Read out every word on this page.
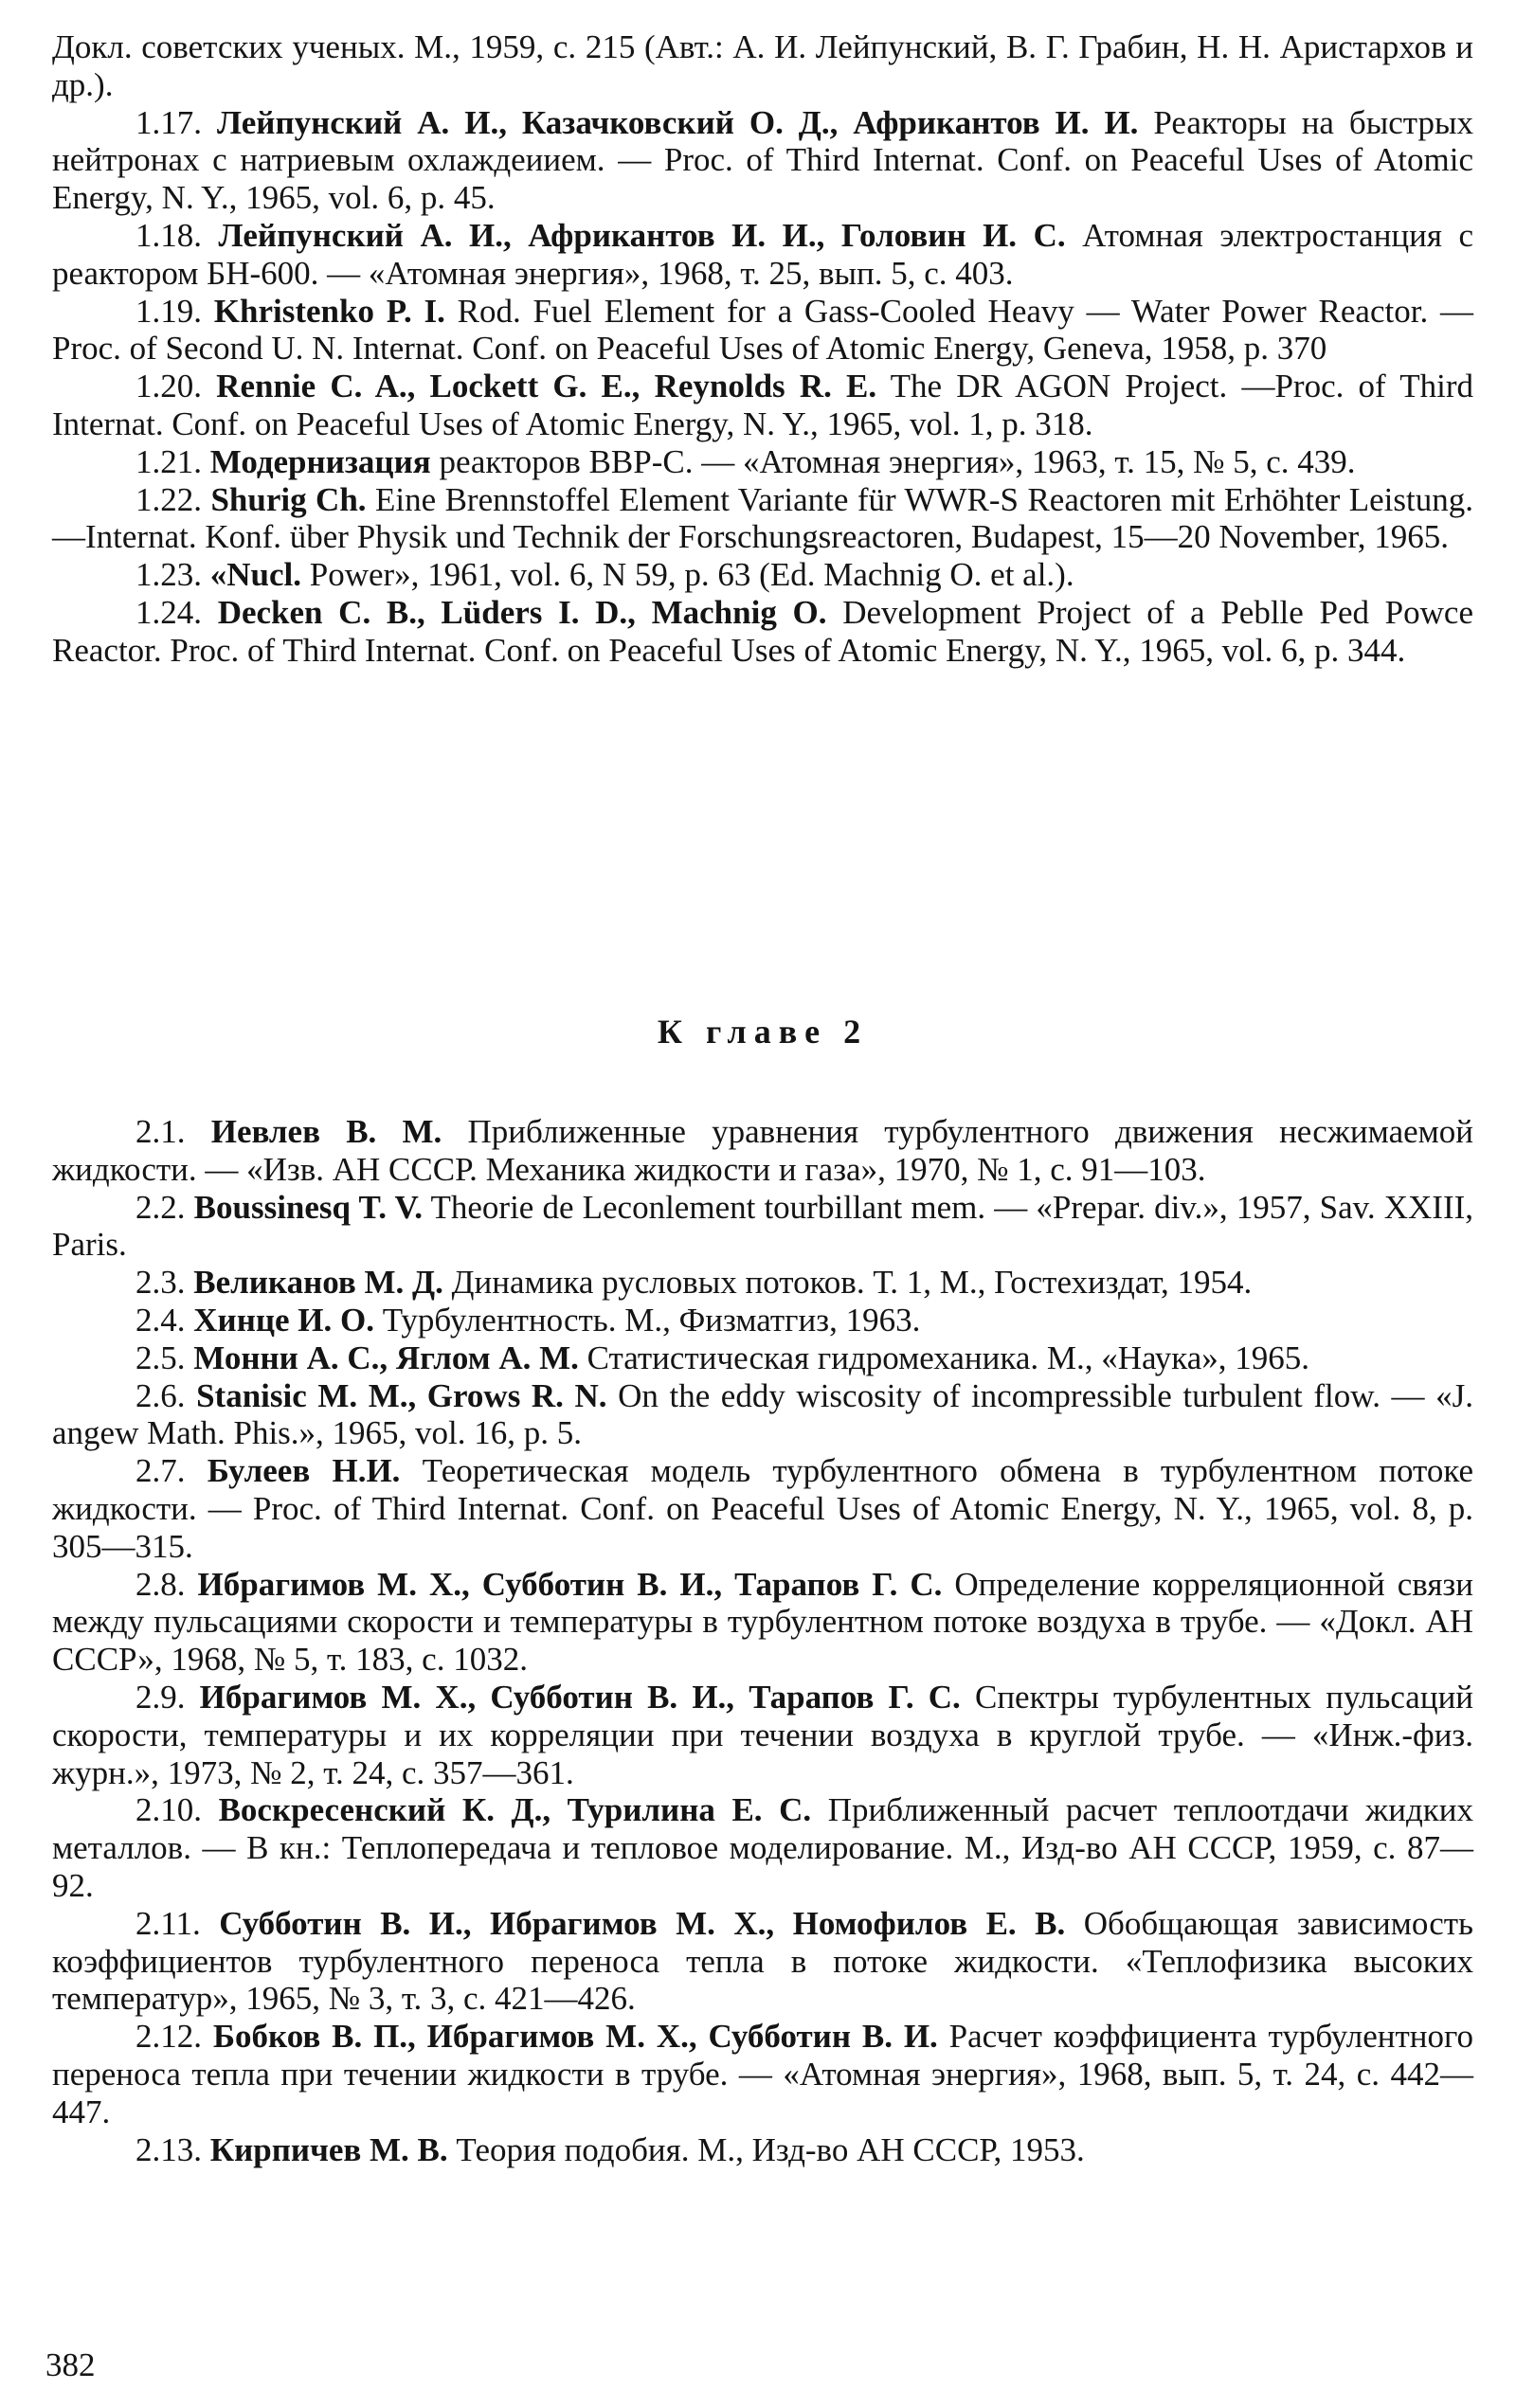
Докл. советских ученых. М., 1959, с. 215 (Авт.: А. И. Лейпунский, В. Г. Грабин, Н. Н. Аристархов и др.).

1.17. Лейпунский А. И., Казачковский О. Д., Африкантов И. И. Реакторы на быстрых нейтронах с натриевым охлаждеиием. — Proc. of Third Internat. Conf. on Peaceful Uses of Atomic Energy, N. Y., 1965, vol. 6, p. 45.

1.18. Лейпунский А. И., Африкантов И. И., Головин И. С. Атомная электростанция с реактором БН-600. — «Атомная энергия», 1968, т. 25, вып. 5, с. 403.

1.19. Khristenko P. I. Rod. Fuel Element for a Gass-Cooled Heavy — Water Power Reactor. —Proc. of Second U. N. Internat. Conf. on Peaceful Uses of Atomic Energy, Geneva, 1958, p. 370

1.20. Rennie C. A., Lockett G. E., Reynolds R. E. The DR AGON Project. —Proc. of Third Internat. Conf. on Peaceful Uses of Atomic Energy, N. Y., 1965, vol. 1, p. 318.

1.21. Модернизация реакторов ВВР-С. — «Атомная энергия», 1963, т. 15, № 5, с. 439.

1.22. Shurig Ch. Eine Brennstoffel Element Variante für WWR-S Reactoren mit Erhöhter Leistung.—Internat. Konf. über Physik und Technik der Forschungsreactoren, Budapest, 15—20 November, 1965.

1.23. «Nucl. Power», 1961, vol. 6, N 59, p. 63 (Ed. Machnig O. et al.).

1.24. Decken C. B., Lüders I. D., Machnig O. Development Project of a Peblle Ped Powce Reactor. Proc. of Third Internat. Conf. on Peaceful Uses of Atomic Energy, N. Y., 1965, vol. 6, p. 344.

К главе 2

2.1. Иевлев В. М. Приближенные уравнения турбулентного движения несжимаемой жидкости. — «Изв. АН СССР. Механика жидкости и газа», 1970, № 1, с. 91—103.

2.2. Boussinesq T. V. Theorie de Leconlement tourbillant mem. — «Prepar. div.», 1957, Sav. XXIII, Paris.

2.3. Великанов М. Д. Динамика русловых потоков. Т. 1, М., Гостехиздат, 1954.

2.4. Хинце И. О. Турбулентность. М., Физматгиз, 1963.

2.5. Монни А. С., Яглом А. М. Статистическая гидромеханика. М., «Наука», 1965.

2.6. Stanisic M. M., Grows R. N. On the eddy wiscosity of incompressible turbulent flow. — «J. angew Math. Phis.», 1965, vol. 16, p. 5.

2.7. Булеев Н.И. Теоретическая модель турбулентного обмена в турбулентном потоке жидкости. — Proc. of Third Internat. Conf. on Peaceful Uses of Atomic Energy, N. Y., 1965, vol. 8, p. 305—315.

2.8. Ибрагимов М. Х., Субботин В. И., Тарапов Г. С. Определение корреляционной связи между пульсациями скорости и температуры в турбулентном потоке воздуха в трубе. — «Докл. АН СССР», 1968, № 5, т. 183, с. 1032.

2.9. Ибрагимов М. Х., Субботин В. И., Тарапов Г. С. Спектры турбулентных пульсаций скорости, температуры и их корреляции при течении воздуха в круглой трубе. — «Инж.-физ. журн.», 1973, № 2, т. 24, с. 357—361.

2.10. Воскресенский К. Д., Турилина Е. С. Приближенный расчет теплоотдачи жидких металлов. — В кн.: Теплопередача и тепловое моделирование. М., Изд-во АН СССР, 1959, с. 87—92.

2.11. Субботин В. И., Ибрагимов М. Х., Номофилов Е. В. Обобщающая зависимость коэффициентов турбулентного переноса тепла в потоке жидкости. «Теплофизика высоких температур», 1965, № 3, т. 3, с. 421—426.

2.12. Бобков В. П., Ибрагимов М. Х., Субботин В. И. Расчет коэффициента турбулентного переноса тепла при течении жидкости в трубе. — «Атомная энергия», 1968, вып. 5, т. 24, с. 442—447.

2.13. Кирпичев М. В. Теория подобия. М., Изд-во АН СССР, 1953.

382
